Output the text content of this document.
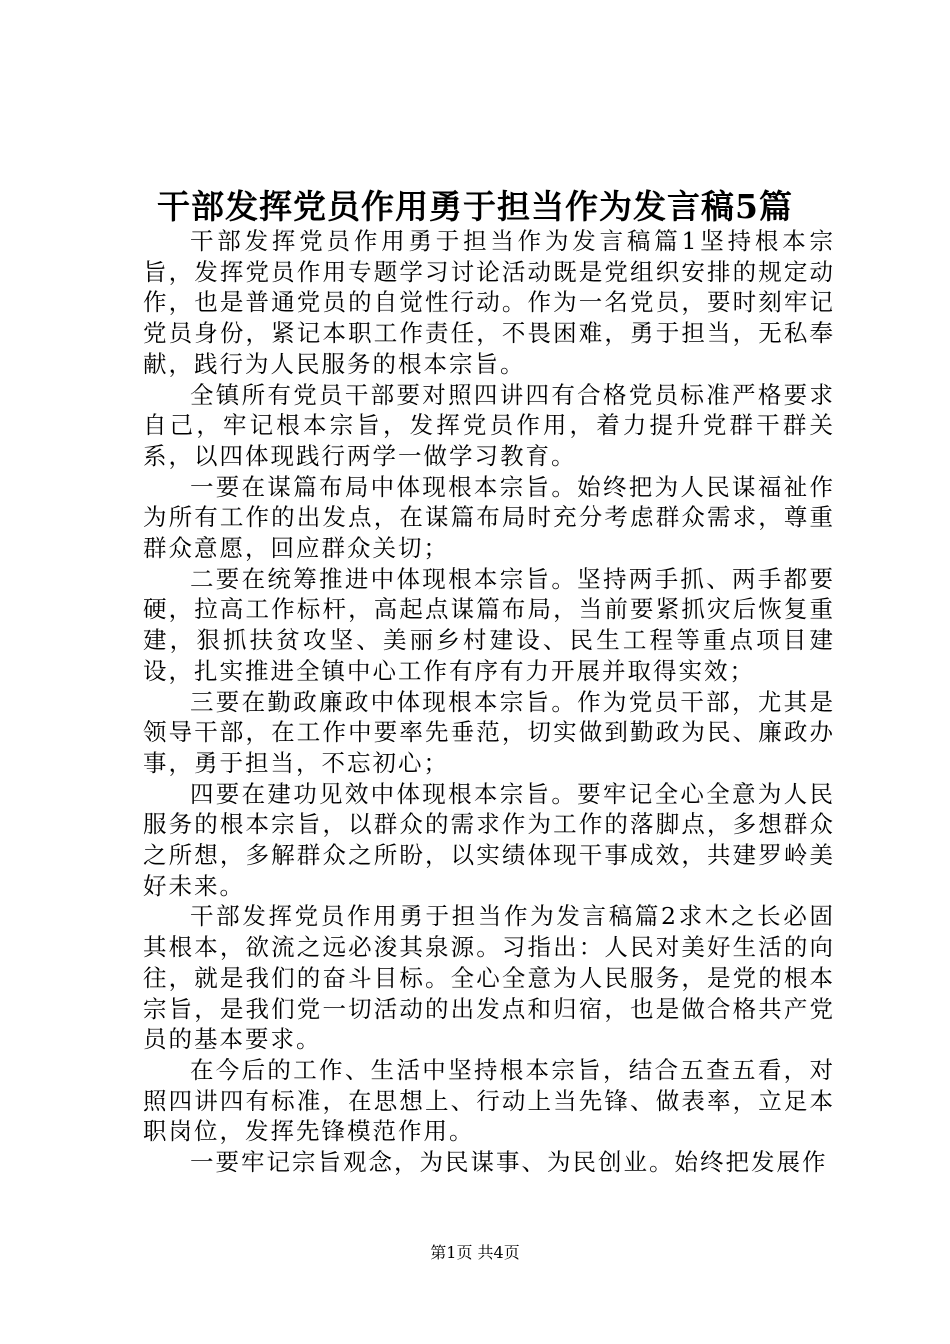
干部发挥党员作用勇于担当作为发言稿5篇

干部发挥党员作用勇于担当作为发言稿篇1坚持根本宗旨，发挥党员作用专题学习讨论活动既是党组织安排的规定动作，也是普通党员的自觉性行动。作为一名党员，要时刻牢记党员身份，紧记本职工作责任，不畏困难，勇于担当，无私奉献，践行为人民服务的根本宗旨。

全镇所有党员干部要对照四讲四有合格党员标准严格要求自己，牢记根本宗旨，发挥党员作用，着力提升党群干群关系，以四体现践行两学一做学习教育。

一要在谋篇布局中体现根本宗旨。始终把为人民谋福祉作为所有工作的出发点，在谋篇布局时充分考虑群众需求，尊重群众意愿，回应群众关切；

二要在统筹推进中体现根本宗旨。坚持两手抓、两手都要硬，拉高工作标杆，高起点谋篇布局，当前要紧抓灾后恢复重建，狠抓扶贫攻坚、美丽乡村建设、民生工程等重点项目建设，扎实推进全镇中心工作有序有力开展并取得实效；

三要在勤政廉政中体现根本宗旨。作为党员干部，尤其是领导干部，在工作中要率先垂范，切实做到勤政为民、廉政办事，勇于担当，不忘初心；

四要在建功见效中体现根本宗旨。要牢记全心全意为人民服务的根本宗旨，以群众的需求作为工作的落脚点，多想群众之所想，多解群众之所盼，以实绩体现干事成效，共建罗岭美好未来。

干部发挥党员作用勇于担当作为发言稿篇2求木之长必固其根本，欲流之远必浚其泉源。习指出：人民对美好生活的向往，就是我们的奋斗目标。全心全意为人民服务，是党的根本宗旨，是我们党一切活动的出发点和归宿，也是做合格共产党员的基本要求。

在今后的工作、生活中坚持根本宗旨，结合五查五看，对照四讲四有标准，在思想上、行动上当先锋、做表率，立足本职岗位，发挥先锋模范作用。

一要牢记宗旨观念，为民谋事、为民创业。始终把发展作

第1页 共4页
